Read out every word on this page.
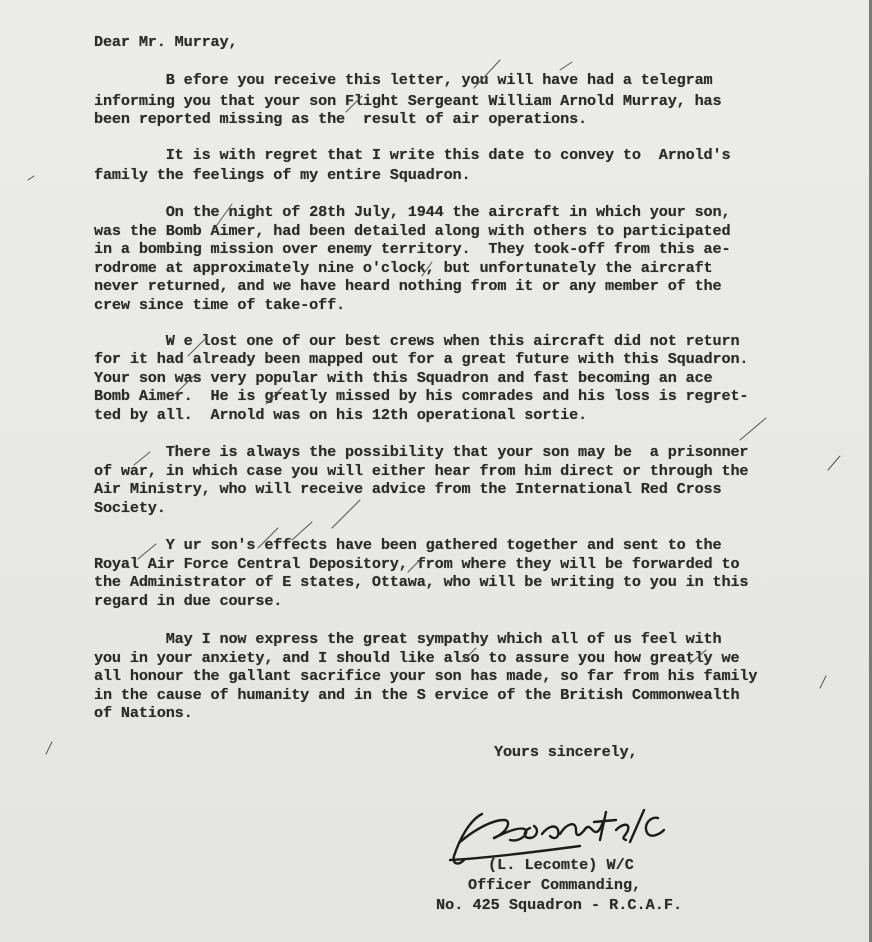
Dear Mr. Murray,
B efore you receive this letter, you will have had a telegram
informing you that your son Flight Sergeant William Arnold Murray, has
been reported missing as the  result of air operations.
It is with regret that I write this date to convey to  Arnold's
family the feelings of my entire Squadron.
On the night of 28th July, 1944 the aircraft in which your son,
was the Bomb Aimer, had been detailed along with others to participated
in a bombing mission over enemy territory.  They took-off from this ae-
rodrome at approximately nine o'clock, but unfortunately the aircraft
never returned, and we have heard nothing from it or any member of the
crew since time of take-off.
W e lost one of our best crews when this aircraft did not return
for it had already been mapped out for a great future with this Squadron.
Your son was very popular with this Squadron and fast becoming an ace
Bomb Aimer.  He is greatly missed by his comrades and his loss is regret-
ted by all.  Arnold was on his 12th operational sortie.
There is always the possibility that your son may be  a prisonner
of war, in which case you will either hear from him direct or through the
Air Ministry, who will receive advice from the International Red Cross
Society.
Y ur son's effects have been gathered together and sent to the
Royal Air Force Central Depository, from where they will be forwarded to
the Administrator of E states, Ottawa, who will be writing to you in this
regard in due course.
May I now express the great sympathy which all of us feel with
you in your anxiety, and I should like also to assure you how greatly we
all honour the gallant sacrifice your son has made, so far from his family
in the cause of humanity and in the S ervice of the British Commonwealth
of Nations.
Yours sincerely,
(L. Lecomte) W/C
Officer Commanding,
No. 425 Squadron - R.C.A.F.
